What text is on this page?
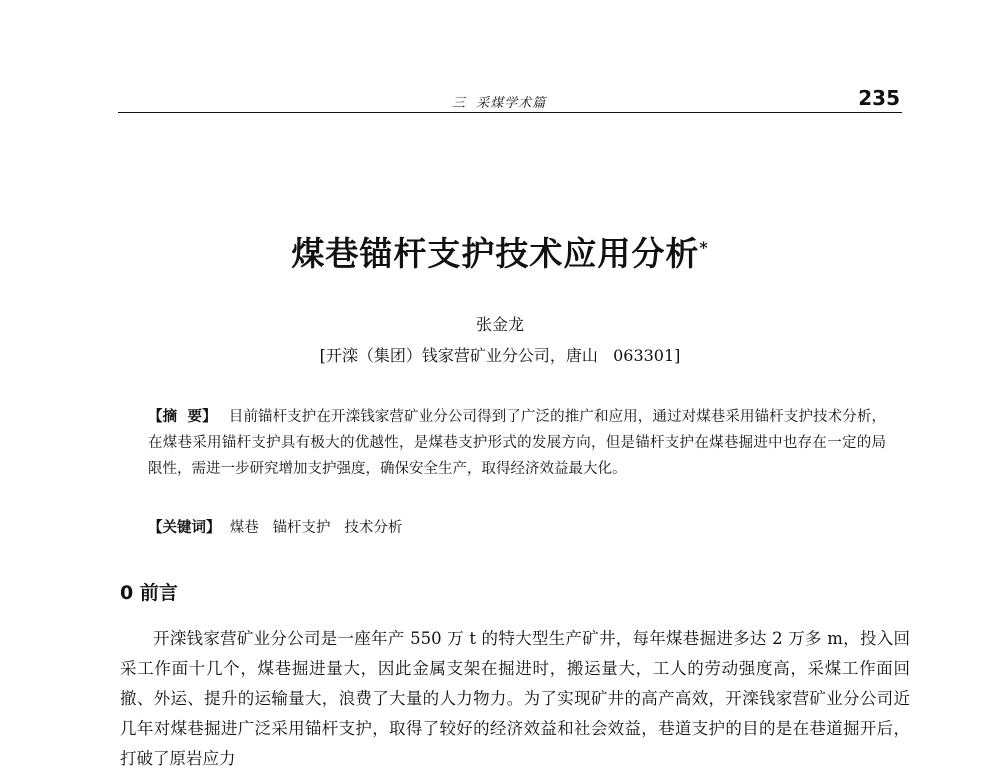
三  采煤学术篇	235
煤巷锚杆支护技术应用分析*
张金龙
[开滦（集团）钱家营矿业分公司，唐山   063301]
【摘  要】 目前锚杆支护在开滦钱家营矿业分公司得到了广泛的推广和应用，通过对煤巷采用锚杆支护技术分析，在煤巷采用锚杆支护具有极大的优越性，是煤巷支护形式的发展方向，但是锚杆支护在煤巷掘进中也存在一定的局限性，需进一步研究增加支护强度，确保安全生产，取得经济效益最大化。
【关键词】  煤巷   锚杆支护   技术分析
0 前言
开滦钱家营矿业分公司是一座年产 550 万 t 的特大型生产矿井，每年煤巷掘进多达 2 万多 m，投入回采工作面十几个，煤巷掘进量大，因此金属支架在掘进时，搬运量大，工人的劳动强度高，采煤工作面回撤、外运、提升的运输量大，浪费了大量的人力物力。为了实现矿井的高产高效，开滦钱家营矿业分公司近几年对煤巷掘进广泛采用锚杆支护，取得了较好的经济效益和社会效益，巷道支护的目的是在巷道掘开后，打破了原岩应力
